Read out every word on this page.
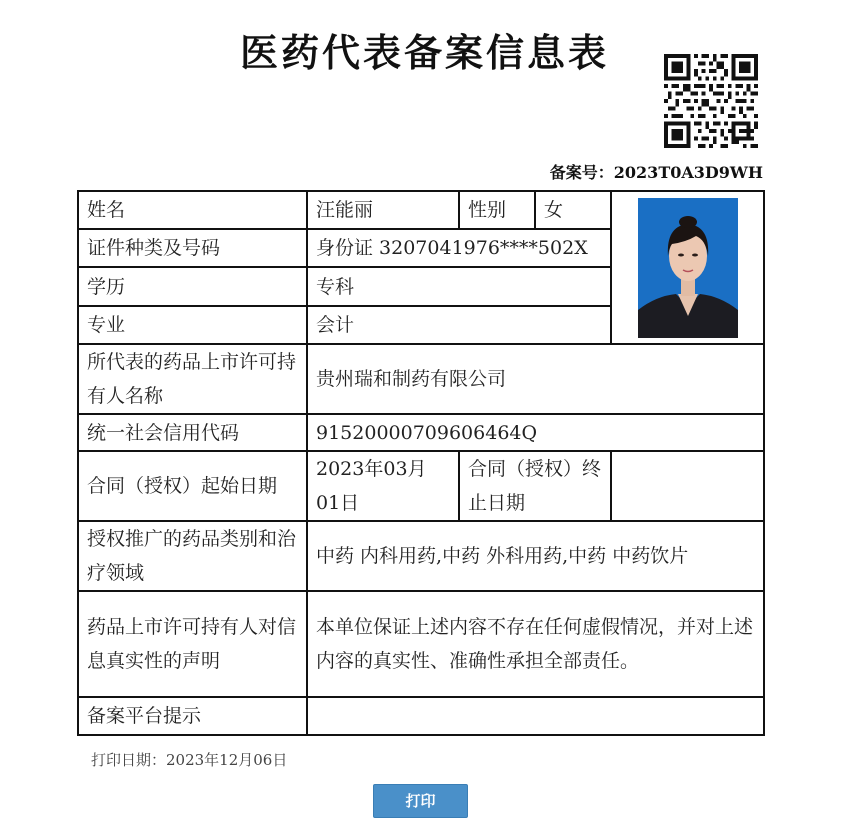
医药代表备案信息表
备案号：2023T0A3D9WH
姓名	汪能丽	性别	女	

证件种类及号码	身份证 3207041976****502X			
学历	专科			
专业	会计			
所代表的药品上市许可持有人名称	贵州瑞和制药有限公司			
统一社会信用代码	91520000709606464Q			
合同（授权）起始日期	2023年03月01日	合同（授权）终止日期		
授权推广的药品类别和治疗领域	中药 内科用药,中药 外科用药,中药 中药饮片			
药品上市许可持有人对信息真实性的声明	本单位保证上述内容不存在任何虚假情况，并对上述内容的真实性、准确性承担全部责任。			
备案平台提示				
打印日期：2023年12月06日
打印
